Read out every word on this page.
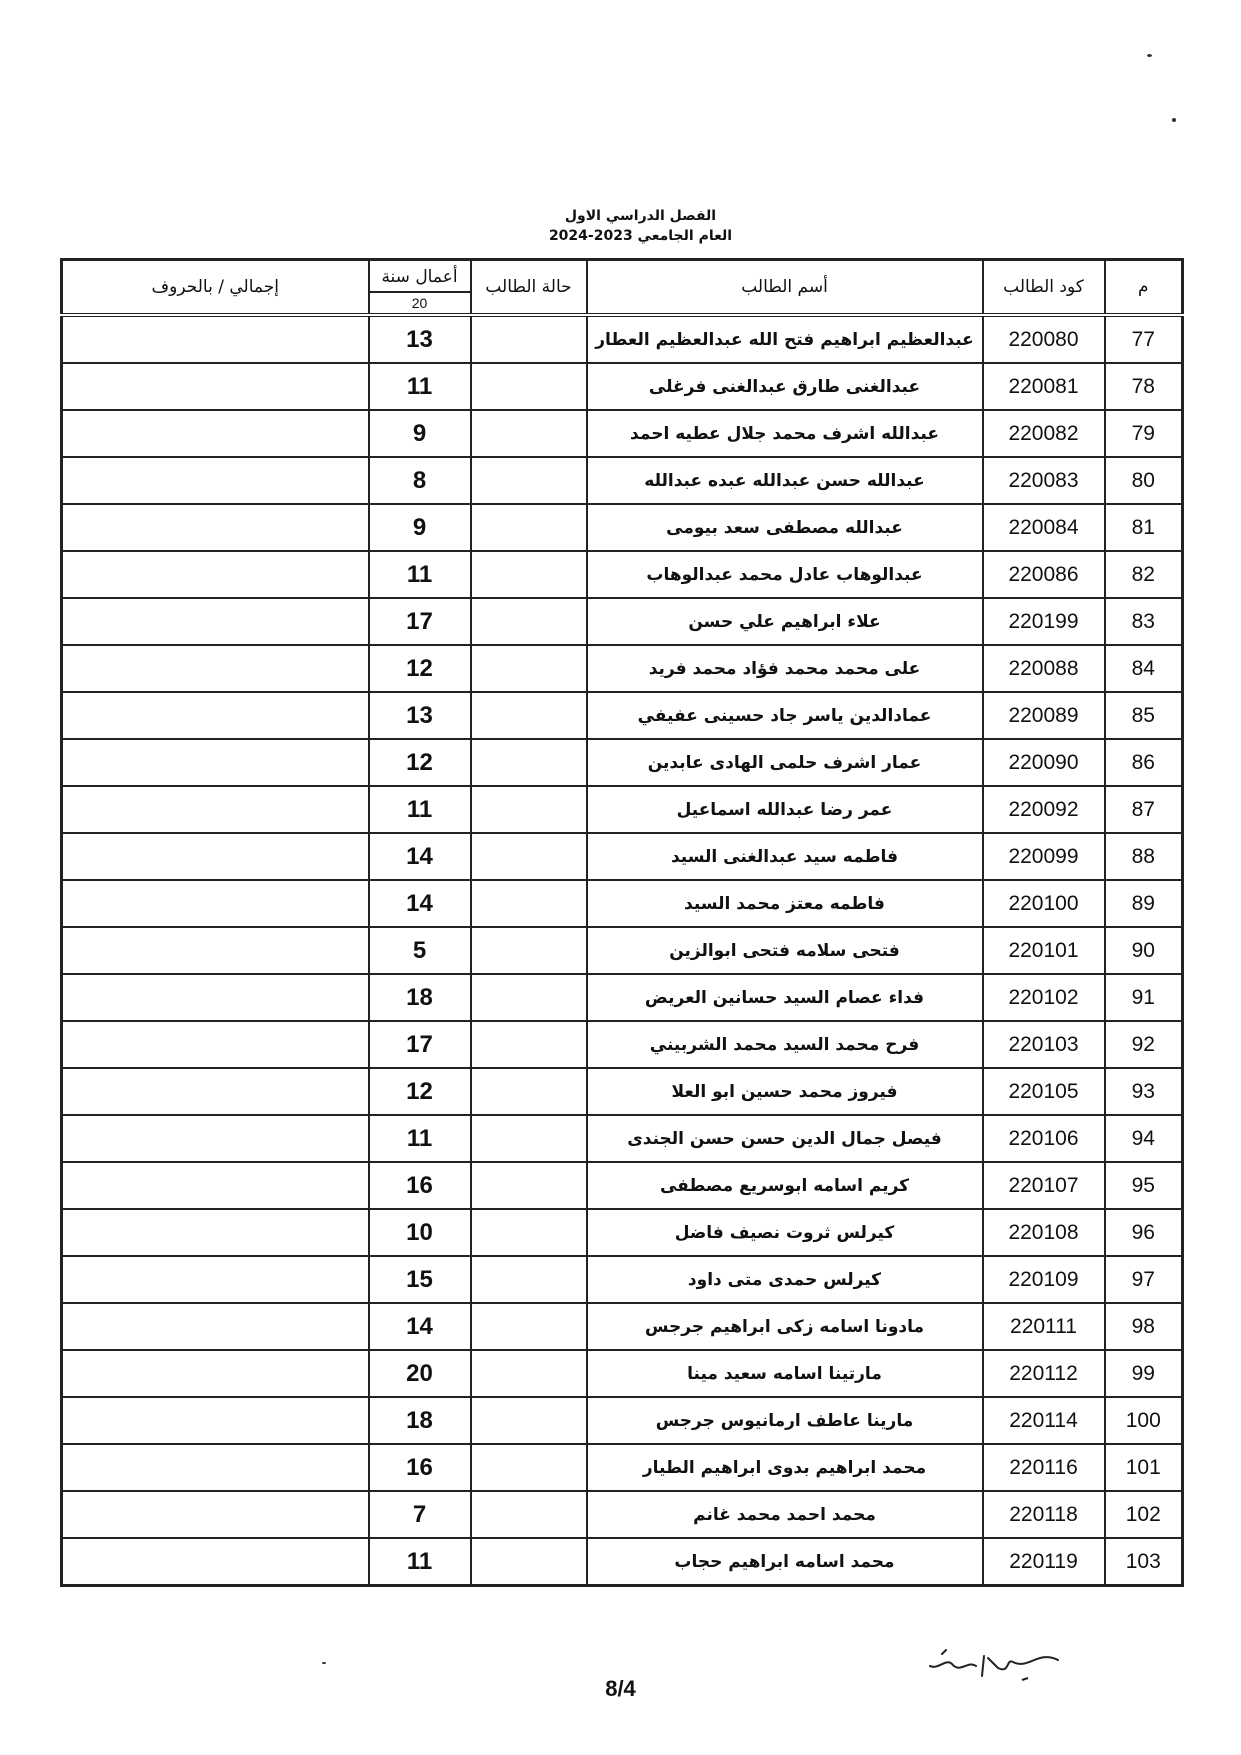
الفصل الدراسي الاول
العام الجامعي 2023-2024
م	كود الطالب	أسم الطالب	حالة الطالب	أعمال سنة
20	إجمالي / بالحروف
77	220080	عبدالعظيم ابراهيم فتح الله عبدالعظيم العطار		13	
78	220081	عبدالغنى طارق عبدالغنى فرغلى		11	
79	220082	عبدالله اشرف محمد جلال عطيه احمد		9	
80	220083	عبدالله حسن عبدالله عبده عبدالله		8	
81	220084	عبدالله مصطفى سعد بيومى		9	
82	220086	عبدالوهاب عادل محمد عبدالوهاب		11	
83	220199	علاء ابراهيم علي حسن		17	
84	220088	على محمد محمد فؤاد محمد فريد		12	
85	220089	عمادالدين ياسر جاد حسينى عفيفي		13	
86	220090	عمار اشرف حلمى الهادى عابدين		12	
87	220092	عمر رضا عبدالله اسماعيل		11	
88	220099	فاطمه سيد عبدالغنى السيد		14	
89	220100	فاطمه معتز محمد السيد		14	
90	220101	فتحى سلامه فتحى ابوالزين		5	
91	220102	فداء عصام السيد حسانين العريض		18	
92	220103	فرح محمد السيد محمد الشربيني		17	
93	220105	فيروز محمد حسين ابو العلا		12	
94	220106	فيصل جمال الدين حسن حسن الجندى		11	
95	220107	كريم اسامه ابوسريع مصطفى		16	
96	220108	كيرلس ثروت نصيف فاضل		10	
97	220109	كيرلس حمدى متى داود		15	
98	220111	مادونا اسامه زكى ابراهيم جرجس		14	
99	220112	مارتينا اسامه سعيد مينا		20	
100	220114	مارينا عاطف ارمانيوس جرجس		18	
101	220116	محمد ابراهيم بدوى ابراهيم الطيار		16	
102	220118	محمد احمد محمد غانم		7	
103	220119	محمد اسامه ابراهيم حجاب		11	
8/4
